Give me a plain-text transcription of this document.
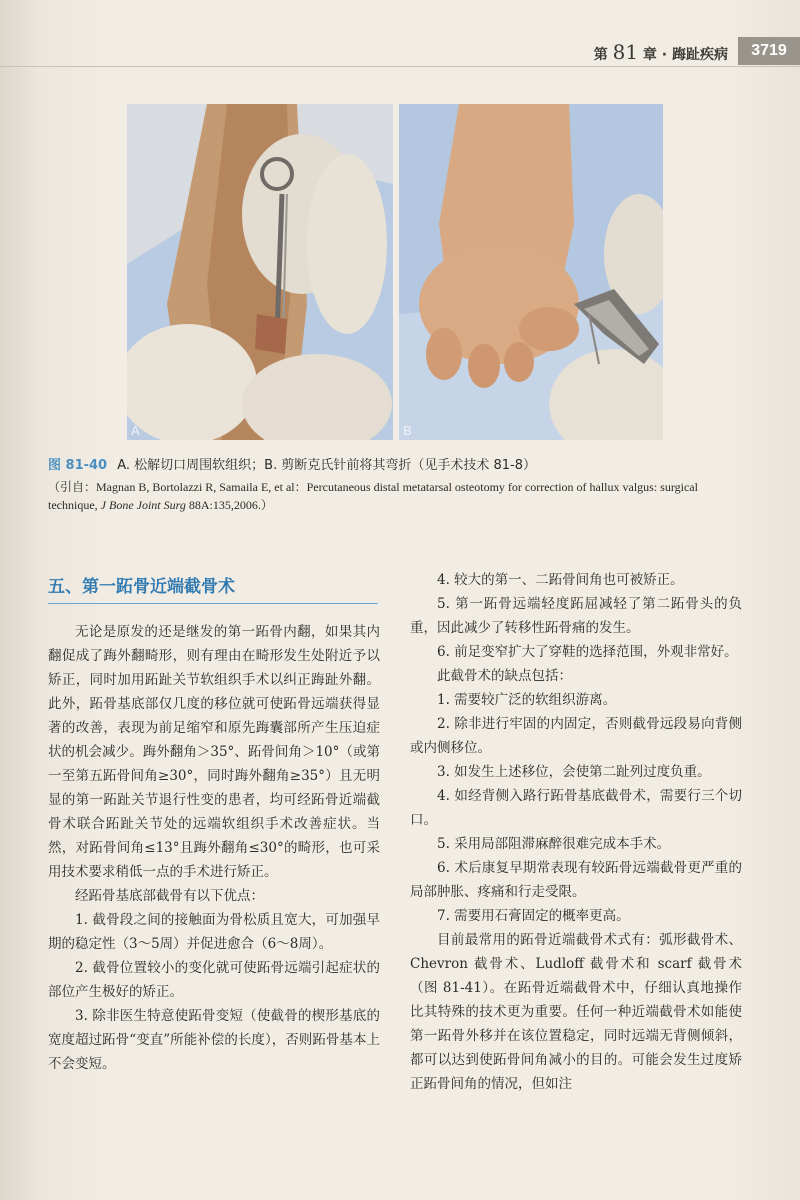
第 81 章 · 踇趾疾病	3719
A	B
图 81-40 A. 松解切口周围软组织；B. 剪断克氏针前将其弯折（见手术技术 81-8）
（引自：Magnan B, Bortolazzi R, Samaila E, et al：Percutaneous distal metatarsal osteotomy for correction of hallux valgus: surgical technique, J Bone Joint Surg 88A:135,2006.）
五、第一跖骨近端截骨术

无论是原发的还是继发的第一跖骨内翻，如果其内翻促成了踇外翻畸形，则有理由在畸形发生处附近予以矫正，同时加用跖趾关节软组织手术以纠正踇趾外翻。此外，跖骨基底部仅几度的移位就可使跖骨远端获得显著的改善，表现为前足缩窄和原先踇囊部所产生压迫症状的机会减少。踇外翻角＞35°、跖骨间角＞10°（或第一至第五跖骨间角≥30°，同时踇外翻角≥35°）且无明显的第一跖趾关节退行性变的患者，均可经跖骨近端截骨术联合跖趾关节处的远端软组织手术改善症状。当然，对跖骨间角≤13°且踇外翻角≤30°的畸形，也可采用技术要求稍低一点的手术进行矫正。

经跖骨基底部截骨有以下优点：

1. 截骨段之间的接触面为骨松质且宽大，可加强早期的稳定性（3～5周）并促进愈合（6～8周）。

2. 截骨位置较小的变化就可使跖骨远端引起症状的部位产生极好的矫正。

3. 除非医生特意使跖骨变短（使截骨的楔形基底的宽度超过跖骨“变直”所能补偿的长度），否则跖骨基本上不会变短。

4. 较大的第一、二跖骨间角也可被矫正。

5. 第一跖骨远端轻度跖屈减轻了第二跖骨头的负重，因此减少了转移性跖骨痛的发生。

6. 前足变窄扩大了穿鞋的选择范围，外观非常好。

此截骨术的缺点包括：

1. 需要较广泛的软组织游离。

2. 除非进行牢固的内固定，否则截骨远段易向背侧或内侧移位。

3. 如发生上述移位，会使第二趾列过度负重。

4. 如经背侧入路行跖骨基底截骨术，需要行三个切口。

5. 采用局部阻滞麻醉很难完成本手术。

6. 术后康复早期常表现有较跖骨远端截骨更严重的局部肿胀、疼痛和行走受限。

7. 需要用石膏固定的概率更高。

目前最常用的跖骨近端截骨术式有：弧形截骨术、Chevron 截骨术、Ludloff 截骨术和 scarf 截骨术（图 81-41）。在跖骨近端截骨术中，仔细认真地操作比其特殊的技术更为重要。任何一种近端截骨术如能使第一跖骨外移并在该位置稳定，同时远端无背侧倾斜，都可以达到使跖骨间角减小的目的。可能会发生过度矫正跖骨间角的情况，但如注
